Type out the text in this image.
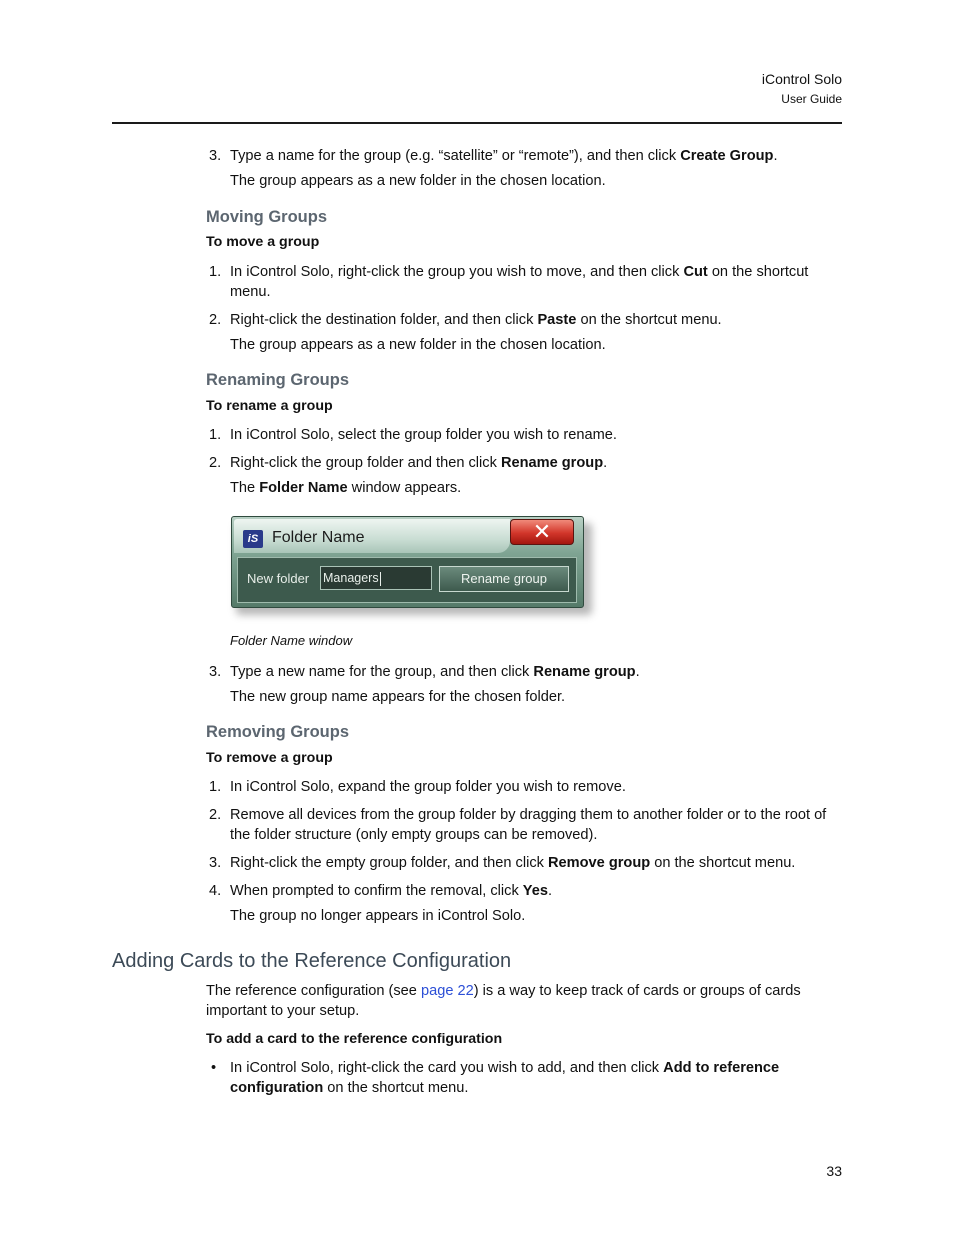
iControl Solo
User Guide
3. Type a name for the group (e.g. “satellite” or “remote”), and then click Create Group.
The group appears as a new folder in the chosen location.
Moving Groups
To move a group
1. In iControl Solo, right-click the group you wish to move, and then click Cut on the shortcut menu.
2. Right-click the destination folder, and then click Paste on the shortcut menu.
The group appears as a new folder in the chosen location.
Renaming Groups
To rename a group
1. In iControl Solo, select the group folder you wish to rename.
2. Right-click the group folder and then click Rename group.
The Folder Name window appears.
iS Folder Name	✕
New folder Managers	Rename group
Folder Name window
3. Type a new name for the group, and then click Rename group.
The new group name appears for the chosen folder.
Removing Groups
To remove a group
1. In iControl Solo, expand the group folder you wish to remove.
2. Remove all devices from the group folder by dragging them to another folder or to the root of the folder structure (only empty groups can be removed).
3. Right-click the empty group folder, and then click Remove group on the shortcut menu.
4. When prompted to confirm the removal, click Yes.
The group no longer appears in iControl Solo.
Adding Cards to the Reference Configuration
The reference configuration (see page 22) is a way to keep track of cards or groups of cards important to your setup.
To add a card to the reference configuration
• In iControl Solo, right-click the card you wish to add, and then click Add to reference configuration on the shortcut menu.
33
